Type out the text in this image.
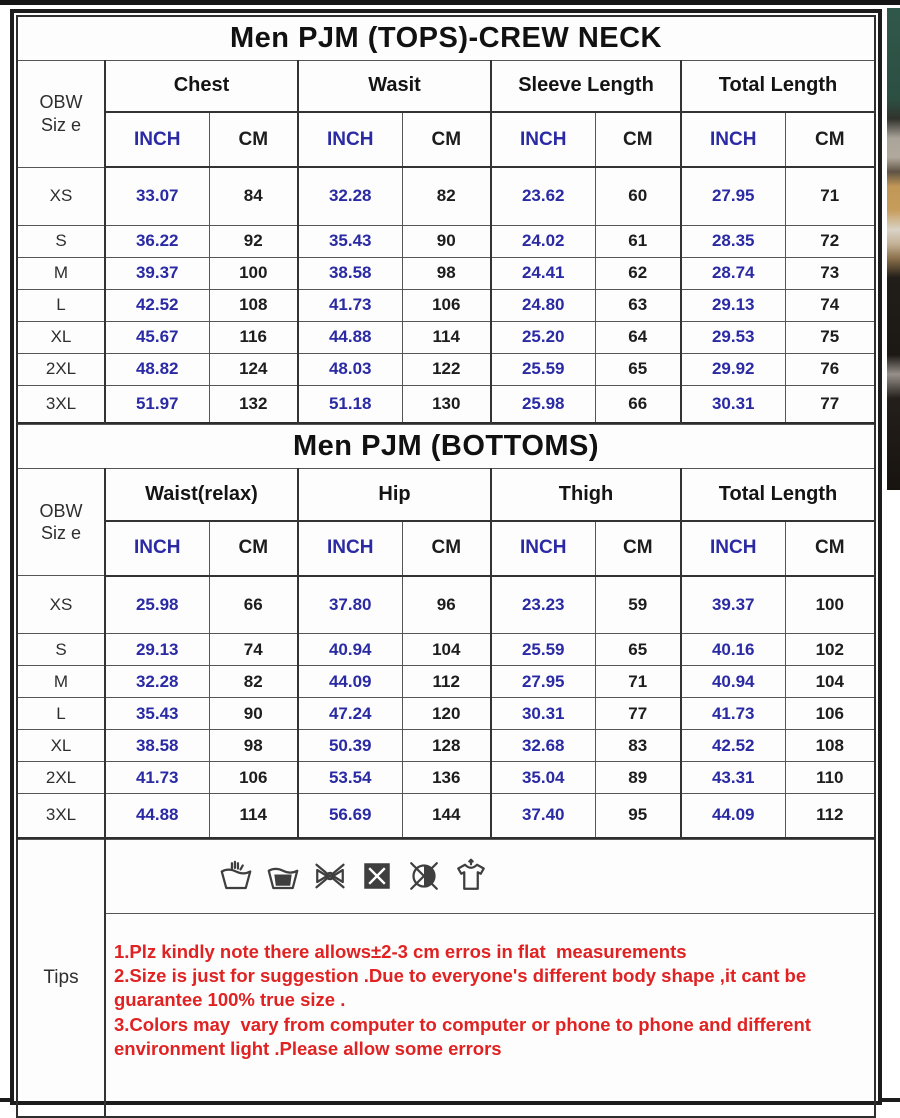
Men PJM (TOPS)-CREW NECK								
OBW
Siz e	Chest		Wasit		Sleeve Length		Total Length	
	INCH	CM	INCH	CM	INCH	CM	INCH	CM
XS	33.07	84	32.28	82	23.62	60	27.95	71
S	36.22	92	35.43	90	24.02	61	28.35	72
M	39.37	100	38.58	98	24.41	62	28.74	73
L	42.52	108	41.73	106	24.80	63	29.13	74
XL	45.67	116	44.88	114	25.20	64	29.53	75
2XL	48.82	124	48.03	122	25.59	65	29.92	76
3XL	51.97	132	51.18	130	25.98	66	30.31	77
Men PJM (BOTTOMS)								
OBW
Siz e	Waist(relax)		Hip		Thigh		Total Length	
	INCH	CM	INCH	CM	INCH	CM	INCH	CM
XS	25.98	66	37.80	96	23.23	59	39.37	100
S	29.13	74	40.94	104	25.59	65	40.16	102
M	32.28	82	44.09	112	27.95	71	40.94	104
L	35.43	90	47.24	120	30.31	77	41.73	106
XL	38.58	98	50.39	128	32.68	83	42.52	108
2XL	41.73	106	53.54	136	35.04	89	43.31	110
3XL	44.88	114	56.69	144	37.40	95	44.09	112
Tips	

1.Plz kindly note there allows±2-3 cm erros in flat  measurements
2.Size is just for suggestion .Due to everyone's different body shape ,it cant be guarantee 100% true size .
3.Colors may  vary from computer to computer or phone to phone and different environment light .Please allow some errors
